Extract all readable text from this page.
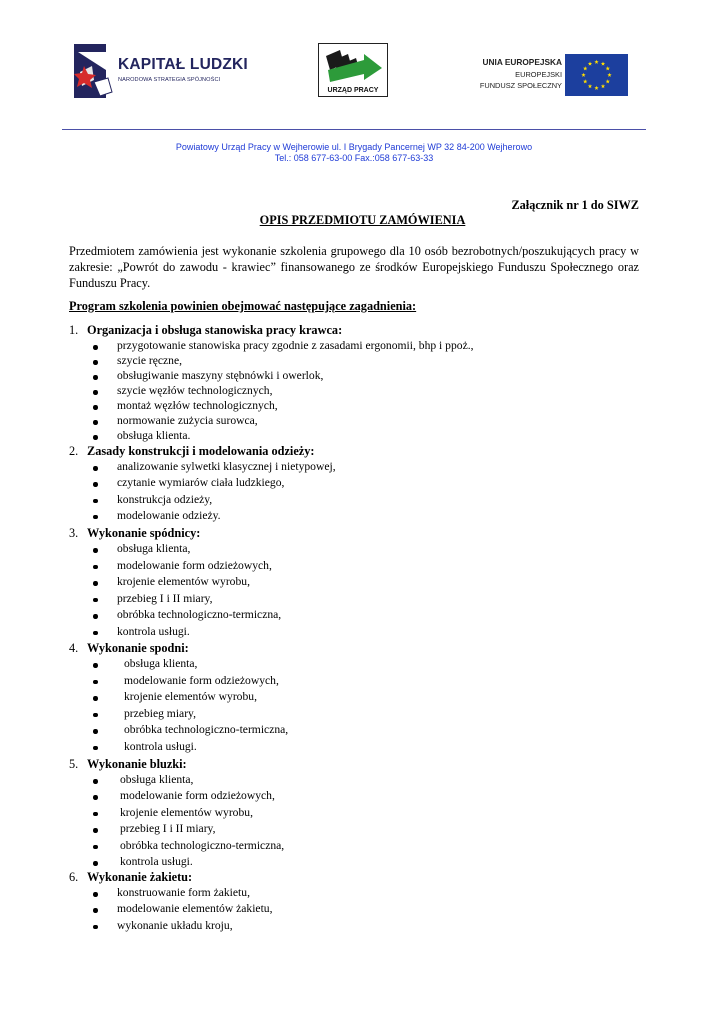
KAPITAŁ LUDZKI
NARODOWA STRATEGIA SPÓJNOŚCI
URZĄD PRACY
UNIA EUROPEJSKA
EUROPEJSKI
FUNDUSZ SPOŁECZNY
Powiatowy Urząd Pracy w Wejherowie ul. I Brygady Pancernej WP 32 84-200 Wejherowo
Tel.: 058 677-63-00 Fax.:058 677-63-33
Załącznik nr 1 do SIWZ
OPIS PRZEDMIOTU ZAMÓWIENIA

Przedmiotem zamówienia jest wykonanie szkolenia grupowego dla 10 osób bezrobotnych/poszukujących pracy w zakresie: „Powrót do zawodu - krawiec” finansowanego ze środków Europejskiego Funduszu Społecznego oraz Funduszu Pracy.

Program szkolenia powinien obejmować następujące zagadnienia:
1. Organizacja i obsługa stanowiska pracy krawca:
przygotowanie stanowiska pracy zgodnie z zasadami ergonomii, bhp i ppoż.,
szycie ręczne,
obsługiwanie maszyny stębnówki i owerlok,
szycie węzłów technologicznych,
montaż węzłów technologicznych,
normowanie zużycia surowca,
obsługa klienta.
2. Zasady konstrukcji i modelowania odzieży:
analizowanie sylwetki klasycznej i nietypowej,
czytanie wymiarów ciała ludzkiego,
konstrukcja odzieży,
modelowanie odzieży.
3. Wykonanie spódnicy:
obsługa klienta,
modelowanie form odzieżowych,
krojenie elementów wyrobu,
przebieg I i II miary,
obróbka technologiczno-termiczna,
kontrola usługi.
4. Wykonanie spodni:
obsługa klienta,
modelowanie form odzieżowych,
krojenie elementów wyrobu,
przebieg miary,
obróbka technologiczno-termiczna,
kontrola usługi.
5. Wykonanie bluzki:
obsługa klienta,
modelowanie form odzieżowych,
krojenie elementów wyrobu,
przebieg I i II miary,
obróbka technologiczno-termiczna,
kontrola usługi.
6. Wykonanie żakietu:
konstruowanie form żakietu,
modelowanie elementów żakietu,
wykonanie układu kroju,
